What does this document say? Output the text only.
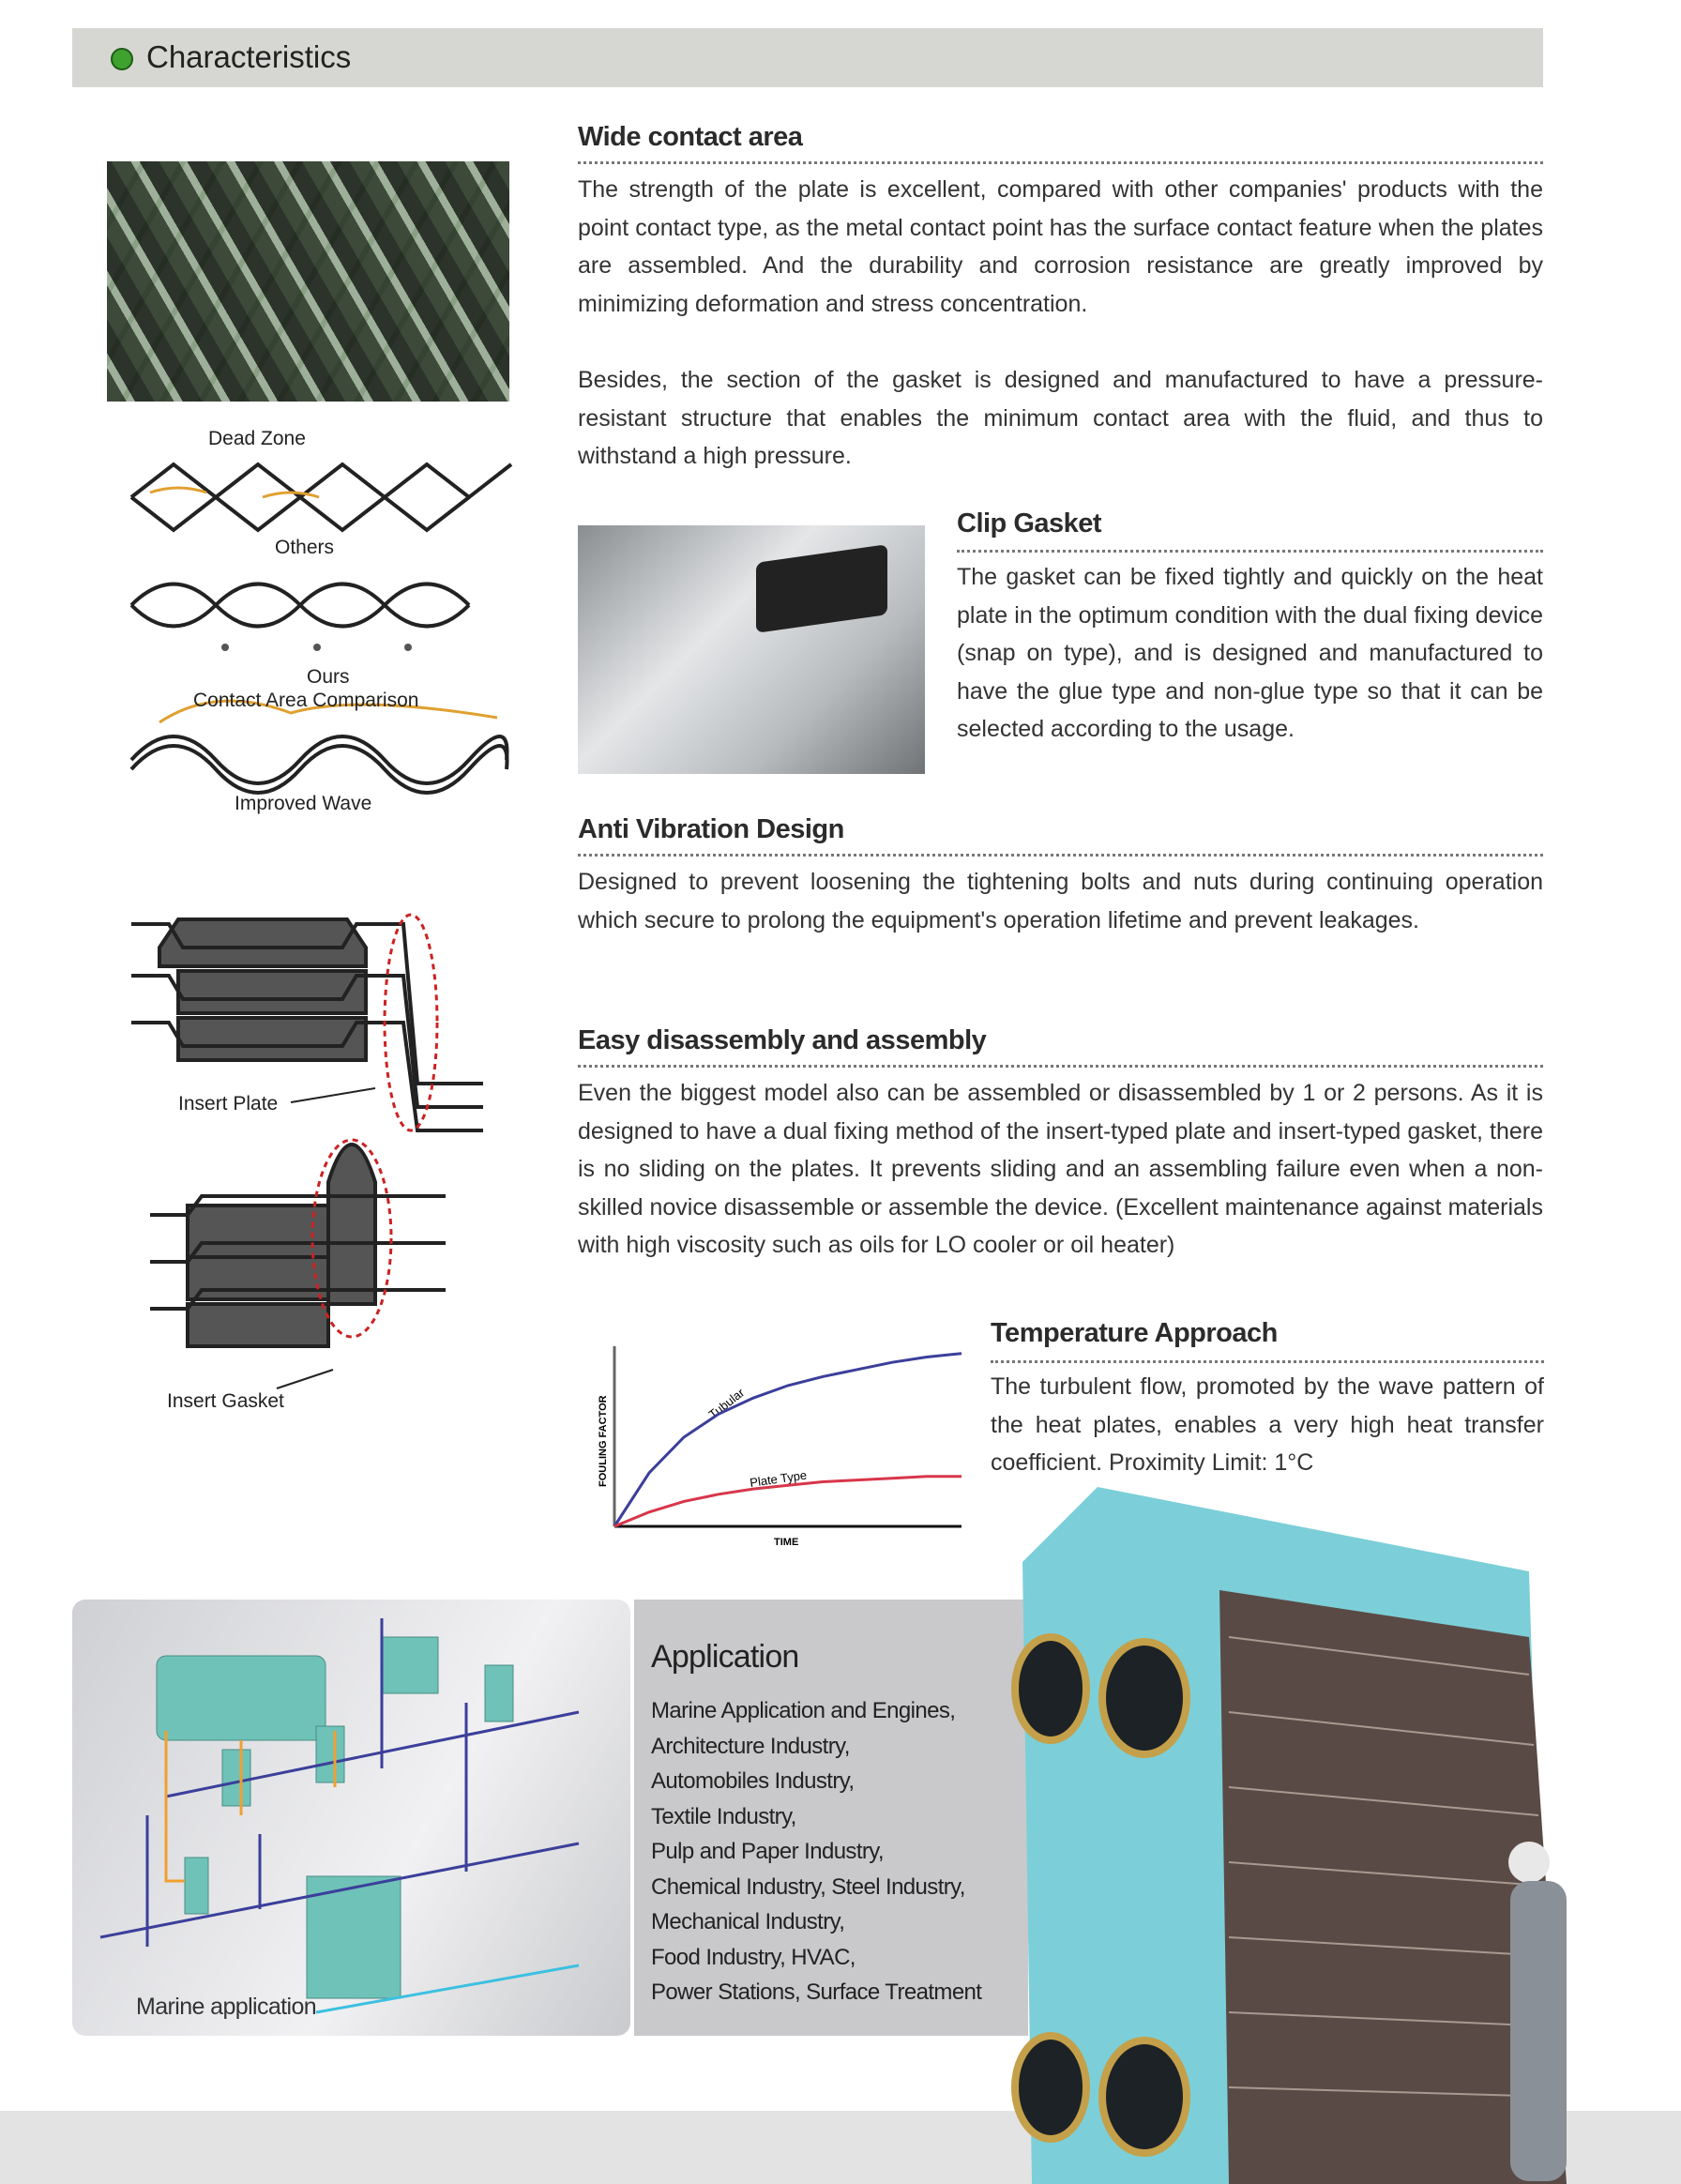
Characteristics
Dead Zone
Others
Ours
Contact Area Comparison
Improved Wave
Insert Plate
Insert Gasket
Wide contact area
The strength of the plate is excellent, compared with other companies' products with the point contact type, as the metal contact point has the surface contact feature when the plates are assembled. And the durability and corrosion resistance are greatly improved by minimizing deformation and stress concentration.
Besides, the section of the gasket is designed and manufactured to have a pressure-resistant structure that enables the minimum contact area with the fluid, and thus to withstand a high pressure.
Clip Gasket
The gasket can be fixed tightly and quickly on the heat plate in the optimum condition with the dual fixing device (snap on type), and is designed and manufactured to have the glue type and non-glue type so that it can be selected according to the usage.
Anti Vibration Design
Designed to prevent loosening the tightening bolts and nuts during continuing operation which secure to prolong the equipment's operation lifetime and prevent leakages.
Easy disassembly and assembly
Even the biggest model also can be assembled or disassembled by 1 or 2 persons. As it is designed to have a dual fixing method of the insert-typed plate and insert-typed gasket, there is no sliding on the plates. It prevents sliding and an assembling failure even when a non-skilled novice disassemble or assemble the device. (Excellent maintenance against materials with high viscosity such as oils for LO cooler or oil heater)
FOULING FACTOR
TIME
Tubular
Plate Type
Temperature Approach
The turbulent flow, promoted by the wave pattern of the heat plates, enables a very high heat transfer coefficient. Proximity Limit: 1°C
Marine application
Application
Marine Application and Engines,
Architecture Industry,
Automobiles Industry,
Textile Industry,
Pulp and Paper Industry,
Chemical Industry, Steel Industry,
Mechanical Industry,
Food Industry, HVAC,
Power Stations, Surface Treatment
